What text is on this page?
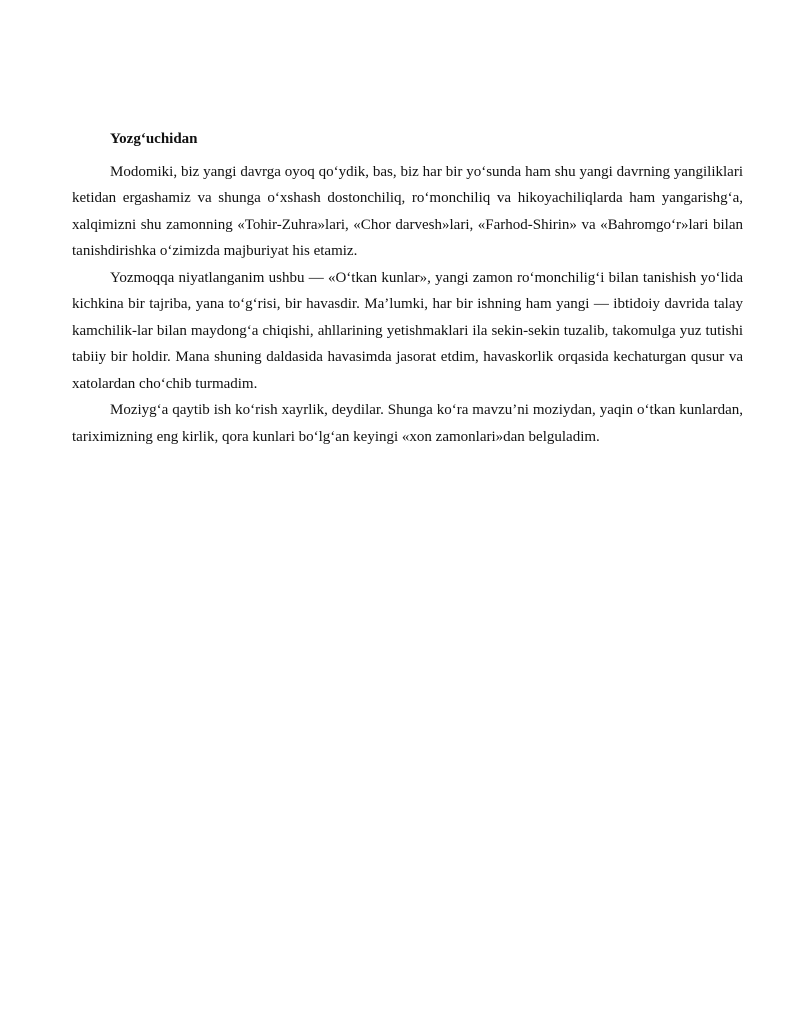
Yozg‘uchidan

Modomiki, biz yangi davrga oyoq qo‘ydik, bas, biz har bir yo‘sunda ham shu yangi davrning yangiliklari ketidan ergashamiz va shunga o‘xshash dostonchiliq, ro‘monchiliq va hikoyachiliqlarda ham yangarishg‘a, xalqimizni shu zamonning «Tohir-Zuhra»lari, «Chor darvesh»lari, «Farhod-Shirin» va «Bahromgo‘r»lari bilan tanishdirishka o‘zimizda majburiyat his etamiz.

Yozmoqqa niyatlanganim ushbu — «O‘tkan kunlar», yangi zamon ro‘monchilig‘i bilan tanishish yo‘lida kichkina bir tajriba, yana to‘g‘risi, bir havasdir. Ma’lumki, har bir ishning ham yangi — ibtidoiy davrida talay kamchilik-lar bilan maydong‘a chiqishi, ahllarining yetishmaklari ila sekin-sekin tuzalib, takomulga yuz tutishi tabiiy bir holdir. Mana shuning daldasida havasimda jasorat etdim, havaskorlik orqasida kechaturgan qusur va xatolardan cho‘chib turmadim.

Moziyg‘a qaytib ish ko‘rish xayrlik, deydilar. Shunga ko‘ra mavzu’ni moziydan, yaqin o‘tkan kunlardan, tariximizning eng kirlik, qora kunlari bo‘lg‘an keyingi «xon zamonlari»dan belguladim.
